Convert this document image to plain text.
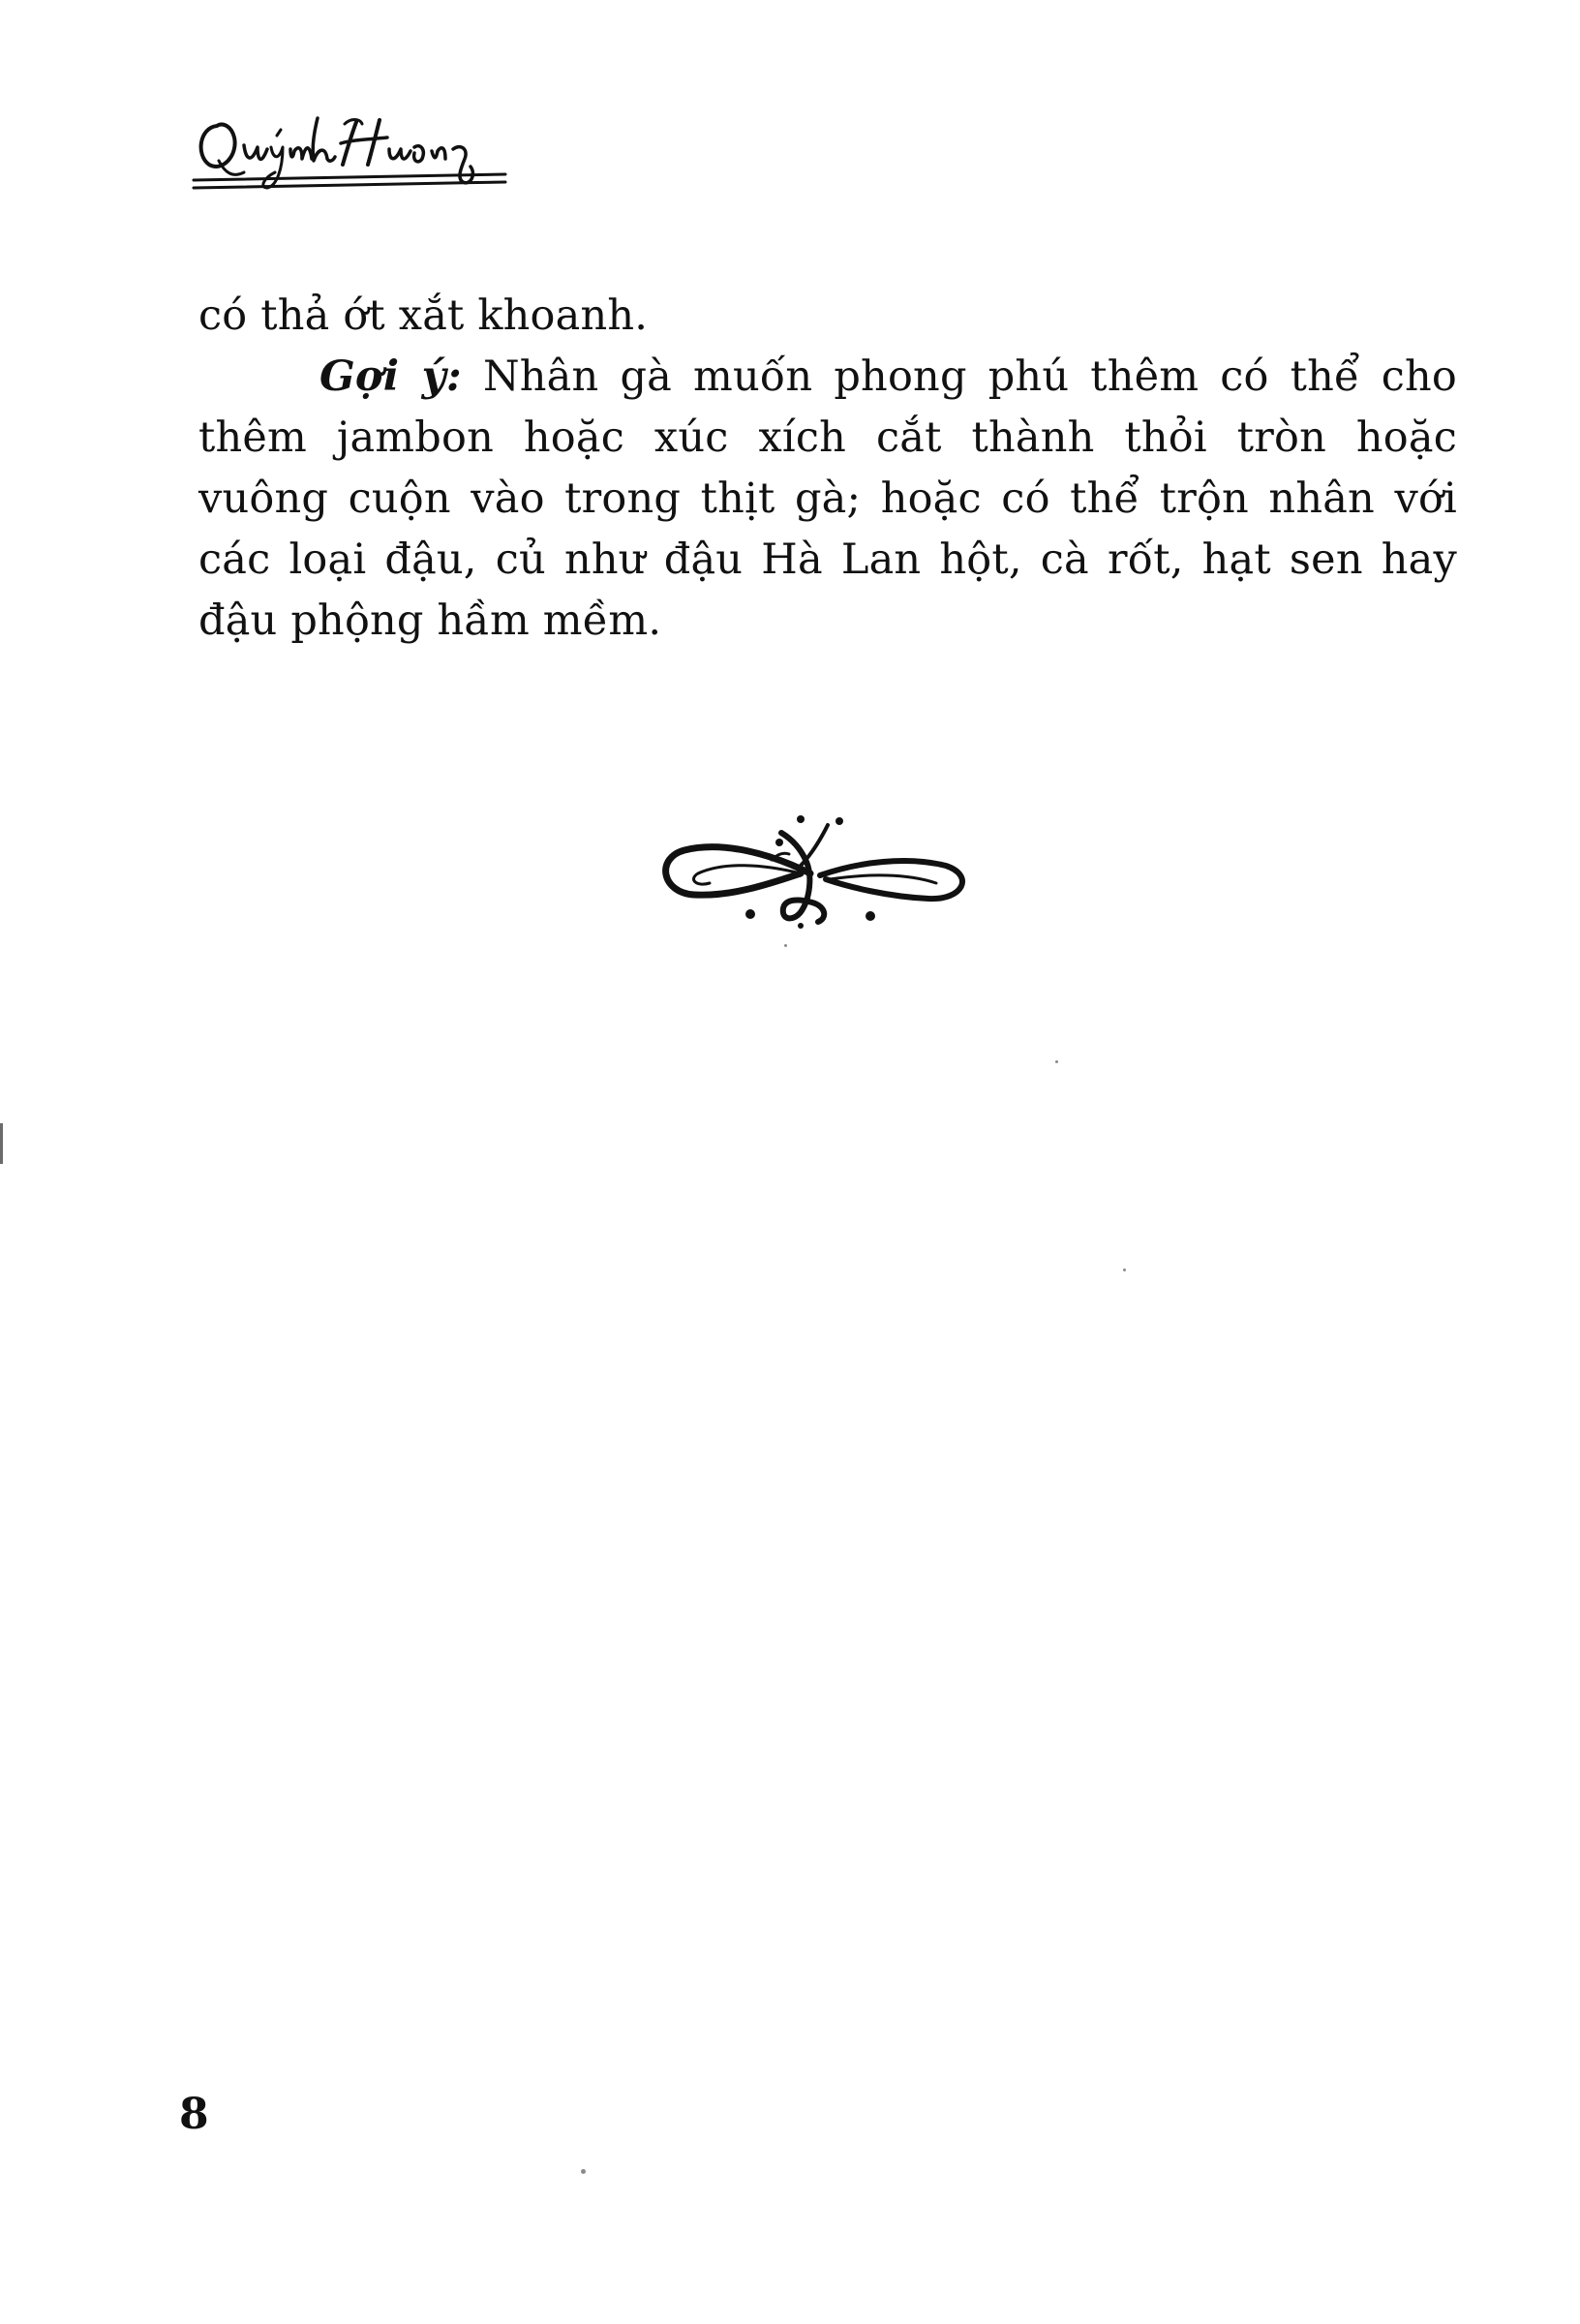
có thả ớt xắt khoanh.

Gợi ý: Nhân gà muốn phong phú thêm có thể cho
thêm jambon hoặc xúc xích cắt thành thỏi tròn hoặc
vuông cuộn vào trong thịt gà; hoặc có thể trộn nhân với
các loại đậu, củ như đậu Hà Lan hột, cà rốt, hạt sen hay
đậu phộng hầm mềm.

8
